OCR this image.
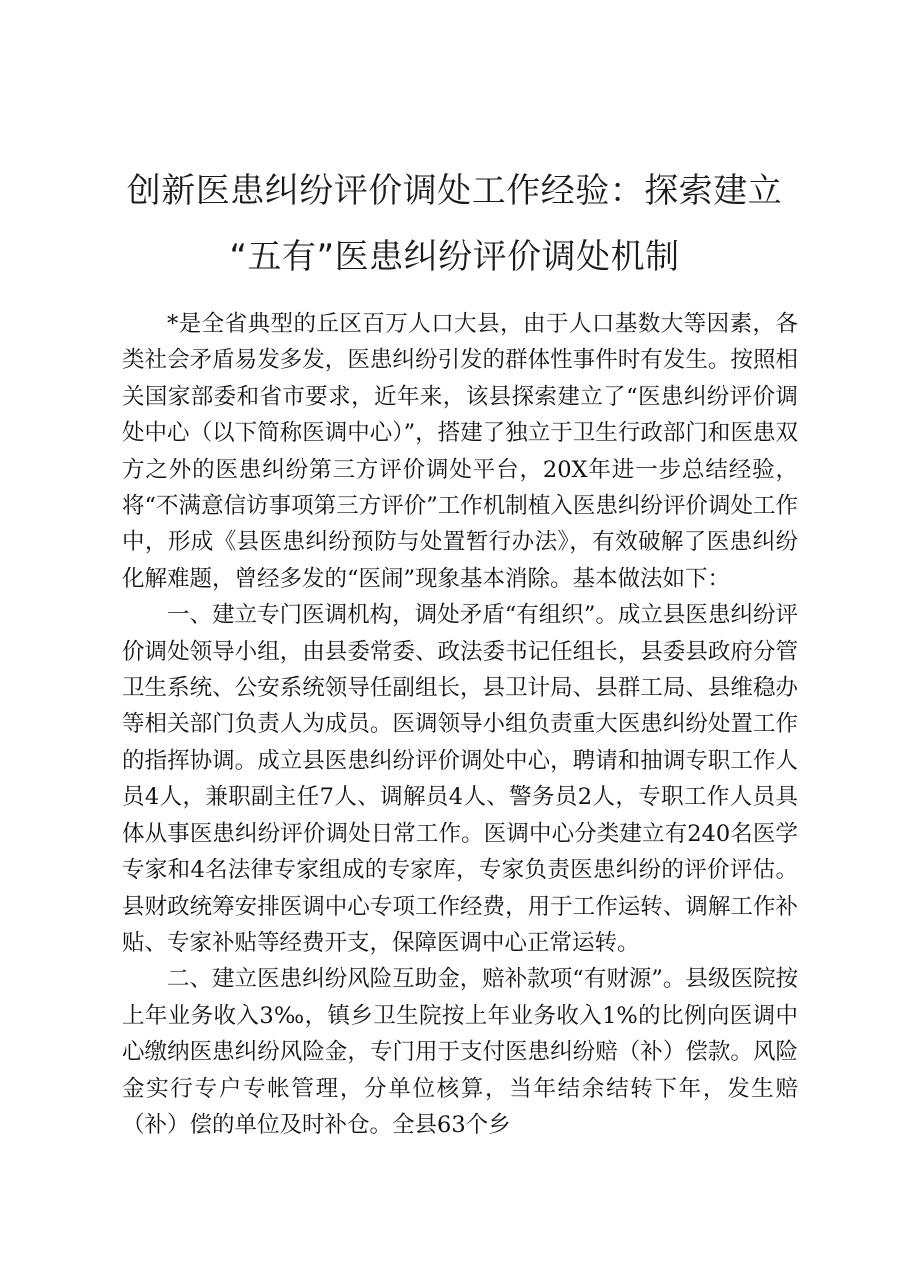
创新医患纠纷评价调处工作经验：探索建立
“五有”医患纠纷评价调处机制

*是全省典型的丘区百万人口大县，由于人口基数大等因素，各类社会矛盾易发多发，医患纠纷引发的群体性事件时有发生。按照相关国家部委和省市要求，近年来，该县探索建立了“医患纠纷评价调处中心（以下简称医调中心）”，搭建了独立于卫生行政部门和医患双方之外的医患纠纷第三方评价调处平台，20X年进一步总结经验，将“不满意信访事项第三方评价”工作机制植入医患纠纷评价调处工作中，形成《县医患纠纷预防与处置暂行办法》，有效破解了医患纠纷化解难题，曾经多发的“医闹”现象基本消除。基本做法如下：

一、建立专门医调机构，调处矛盾“有组织”。成立县医患纠纷评价调处领导小组，由县委常委、政法委书记任组长，县委县政府分管卫生系统、公安系统领导任副组长，县卫计局、县群工局、县维稳办等相关部门负责人为成员。医调领导小组负责重大医患纠纷处置工作的指挥协调。成立县医患纠纷评价调处中心，聘请和抽调专职工作人员4人，兼职副主任7人、调解员4人、警务员2人，专职工作人员具体从事医患纠纷评价调处日常工作。医调中心分类建立有240名医学专家和4名法律专家组成的专家库，专家负责医患纠纷的评价评估。县财政统筹安排医调中心专项工作经费，用于工作运转、调解工作补贴、专家补贴等经费开支，保障医调中心正常运转。

二、建立医患纠纷风险互助金，赔补款项“有财源”。县级医院按上年业务收入3‰，镇乡卫生院按上年业务收入1%的比例向医调中心缴纳医患纠纷风险金，专门用于支付医患纠纷赔（补）偿款。风险金实行专户专帐管理，分单位核算，当年结余结转下年，发生赔（补）偿的单位及时补仓。全县63个乡
